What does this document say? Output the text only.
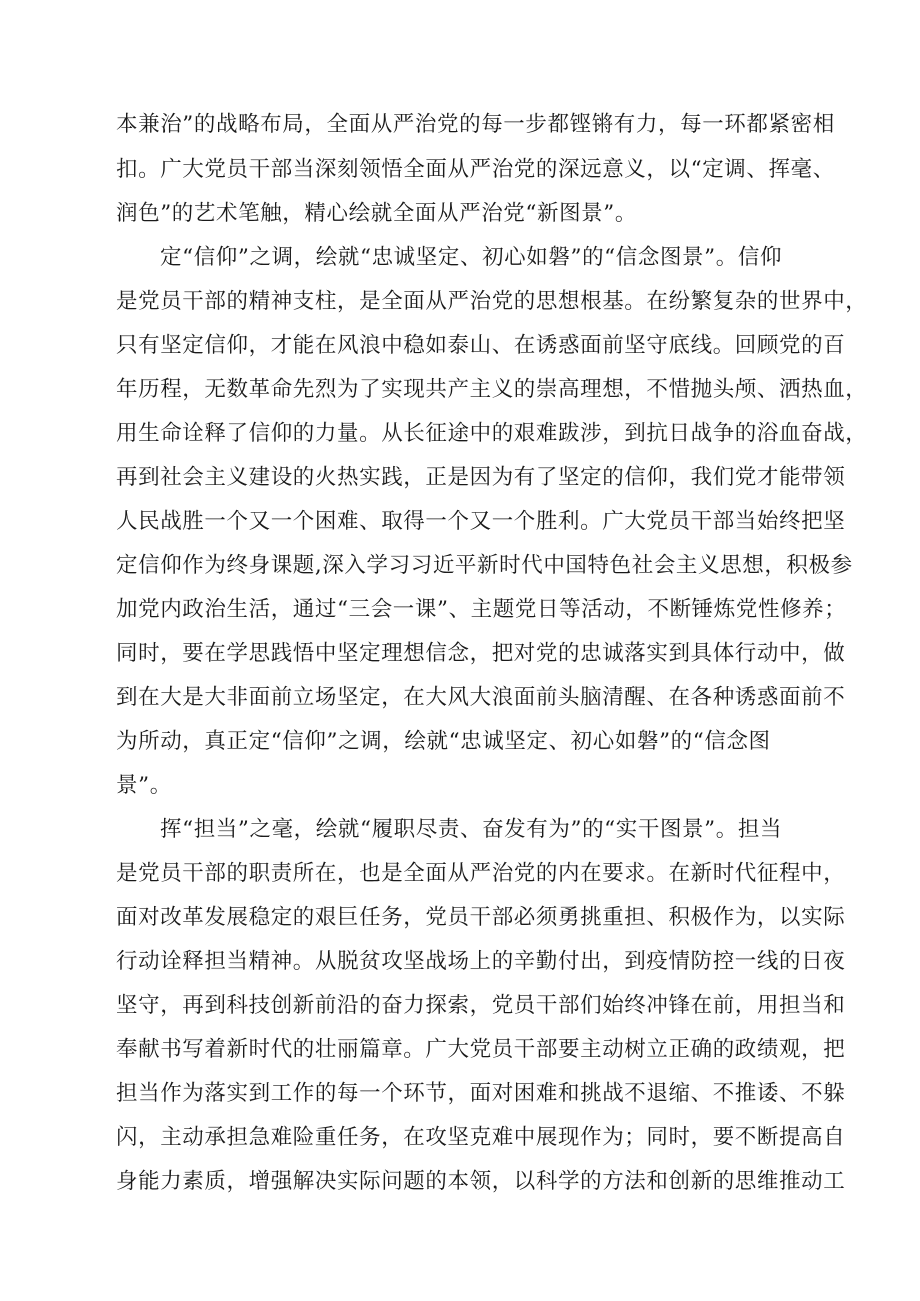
本兼治”的战略布局，全面从严治党的每一步都铿锵有力，每一环都紧密相
扣。广大党员干部当深刻领悟全面从严治党的深远意义，以“定调、挥毫、
润色”的艺术笔触，精心绘就全面从严治党“新图景”。
定“信仰”之调，绘就“忠诚坚定、初心如磐”的“信念图景”。信仰
是党员干部的精神支柱，是全面从严治党的思想根基。在纷繁复杂的世界中，
只有坚定信仰，才能在风浪中稳如泰山、在诱惑面前坚守底线。回顾党的百
年历程，无数革命先烈为了实现共产主义的崇高理想，不惜抛头颅、洒热血，
用生命诠释了信仰的力量。从长征途中的艰难跋涉，到抗日战争的浴血奋战，
再到社会主义建设的火热实践，正是因为有了坚定的信仰，我们党才能带领
人民战胜一个又一个困难、取得一个又一个胜利。广大党员干部当始终把坚
定信仰作为终身课题,深入学习习近平新时代中国特色社会主义思想，积极参
加党内政治生活，通过“三会一课”、主题党日等活动，不断锤炼党性修养；
同时，要在学思践悟中坚定理想信念，把对党的忠诚落实到具体行动中，做
到在大是大非面前立场坚定，在大风大浪面前头脑清醒、在各种诱惑面前不
为所动，真正定“信仰”之调，绘就“忠诚坚定、初心如磐”的“信念图
景”。
挥“担当”之毫，绘就“履职尽责、奋发有为”的“实干图景”。担当
是党员干部的职责所在，也是全面从严治党的内在要求。在新时代征程中，
面对改革发展稳定的艰巨任务，党员干部必须勇挑重担、积极作为，以实际
行动诠释担当精神。从脱贫攻坚战场上的辛勤付出，到疫情防控一线的日夜
坚守，再到科技创新前沿的奋力探索，党员干部们始终冲锋在前，用担当和
奉献书写着新时代的壮丽篇章。广大党员干部要主动树立正确的政绩观，把
担当作为落实到工作的每一个环节，面对困难和挑战不退缩、不推诿、不躲
闪，主动承担急难险重任务，在攻坚克难中展现作为；同时，要不断提高自
身能力素质，增强解决实际问题的本领，以科学的方法和创新的思维推动工
